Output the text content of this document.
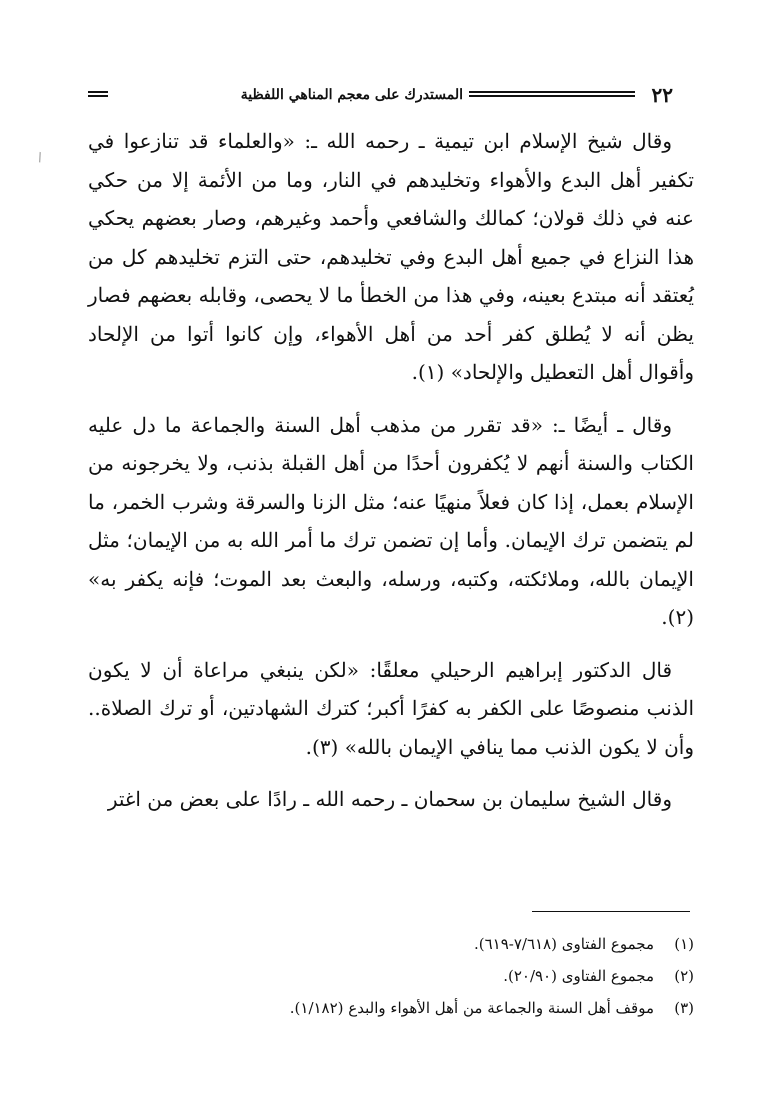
٢٢
المستدرك على معجم المناهي اللفظية
\

وقال شيخ الإسلام ابن تيمية ـ رحمه الله ـ: «والعلماء قد تنازعوا في تكفير أهل البدع والأهواء وتخليدهم في النار، وما من الأئمة إلا من حكي عنه في ذلك قولان؛ كمالك والشافعي وأحمد وغيرهم، وصار بعضهم يحكي هذا النزاع في جميع أهل البدع وفي تخليدهم، حتى التزم تخليدهم كل من يُعتقد أنه مبتدع بعينه، وفي هذا من الخطأ ما لا يحصى، وقابله بعضهم فصار يظن أنه لا يُطلق كفر أحد من أهل الأهواء، وإن كانوا أتوا من الإلحاد وأقوال أهل التعطيل والإلحاد» (١).

وقال ـ أيضًا ـ: «قد تقرر من مذهب أهل السنة والجماعة ما دل عليه الكتاب والسنة أنهم لا يُكفرون أحدًا من أهل القبلة بذنب، ولا يخرجونه من الإسلام بعمل، إذا كان فعلاً منهيًا عنه؛ مثل الزنا والسرقة وشرب الخمر، ما لم يتضمن ترك الإيمان. وأما إن تضمن ترك ما أمر الله به من الإيمان؛ مثل الإيمان بالله، وملائكته، وكتبه، ورسله، والبعث بعد الموت؛ فإنه يكفر به» (٢).

قال الدكتور إبراهيم الرحيلي معلقًا: «لكن ينبغي مراعاة أن لا يكون الذنب منصوصًا على الكفر به كفرًا أكبر؛ كترك الشهادتين، أو ترك الصلاة.. وأن لا يكون الذنب مما ينافي الإيمان بالله» (٣).

وقال الشيخ سليمان بن سحمان ـ رحمه الله ـ رادًا على بعض من اغتر

(١)
مجموع الفتاوى (٧/٦١٨-٦١٩).
(٢)
مجموع الفتاوى (٢٠/٩٠).
(٣)
موقف أهل السنة والجماعة من أهل الأهواء والبدع (١/١٨٢).
